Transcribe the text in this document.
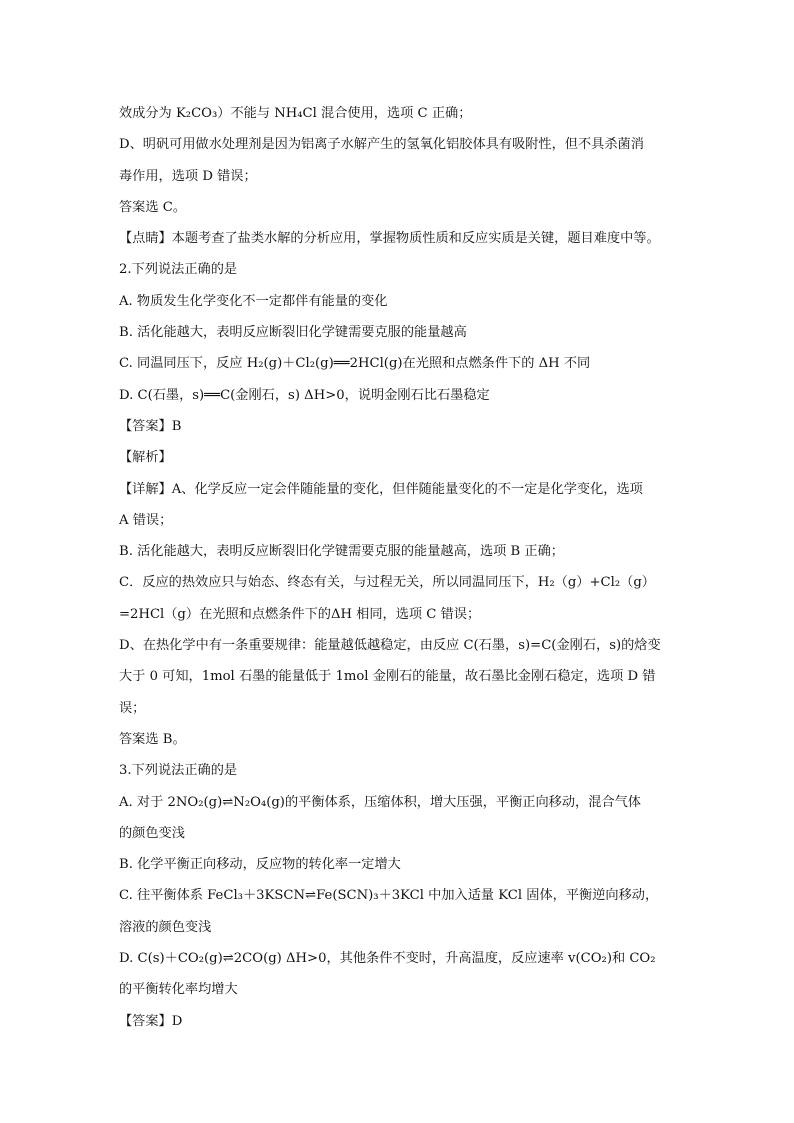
效成分为 K₂CO₃）不能与 NH₄Cl 混合使用，选项 C 正确；
D、明矾可用做水处理剂是因为铝离子水解产生的氢氧化铝胶体具有吸附性，但不具杀菌消
毒作用，选项 D 错误；
答案选 C。
【点睛】本题考查了盐类水解的分析应用，掌握物质性质和反应实质是关键，题目难度中等。
2.下列说法正确的是
A. 物质发生化学变化不一定都伴有能量的变化
B. 活化能越大，表明反应断裂旧化学键需要克服的能量越高
C. 同温同压下，反应 H₂(g)＋Cl₂(g)══2HCl(g)在光照和点燃条件下的 ΔH 不同
D. C(石墨，s)══C(金刚石，s) ΔH>0，说明金刚石比石墨稳定
【答案】B
【解析】
【详解】A、化学反应一定会伴随能量的变化，但伴随能量变化的不一定是化学变化，选项
A 错误；
B. 活化能越大，表明反应断裂旧化学键需要克服的能量越高，选项 B 正确；
C．反应的热效应只与始态、终态有关，与过程无关，所以同温同压下，H₂（g）+Cl₂（g）
=2HCl（g）在光照和点燃条件下的ΔH 相同，选项 C 错误；
D、在热化学中有一条重要规律：能量越低越稳定，由反应 C(石墨，s)=C(金刚石，s)的焓变
大于 0 可知，1mol 石墨的能量低于 1mol 金刚石的能量，故石墨比金刚石稳定，选项 D 错
误；
答案选 B。
3.下列说法正确的是
A. 对于 2NO₂(g)⇌N₂O₄(g)的平衡体系，压缩体积，增大压强，平衡正向移动，混合气体
的颜色变浅
B. 化学平衡正向移动，反应物的转化率一定增大
C. 往平衡体系 FeCl₃＋3KSCN⇌Fe(SCN)₃＋3KCl 中加入适量 KCl 固体，平衡逆向移动，
溶液的颜色变浅
D. C(s)＋CO₂(g)⇌2CO(g) ΔH>0，其他条件不变时，升高温度，反应速率 v(CO₂)和 CO₂
的平衡转化率均增大
【答案】D
